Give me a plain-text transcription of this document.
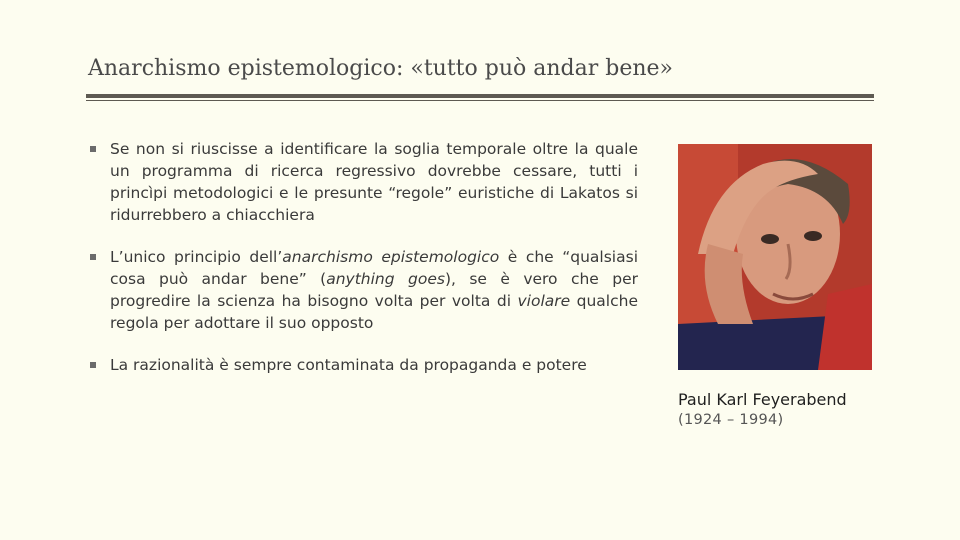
Anarchismo epistemologico: «tutto può andar bene»
Se non si riuscisse a identificare la soglia temporale oltre la quale un programma di ricerca regressivo dovrebbe cessare, tutti i princìpi metodologici e le presunte “regole” euristiche di Lakatos si ridurrebbero a chiacchiera
L’unico principio dell’anarchismo epistemologico è che “qualsiasi cosa può andar bene” (anything goes), se è vero che per progredire la scienza ha bisogno volta per volta di violare qualche regola per adottare il suo opposto
La razionalità è sempre contaminata da propaganda e potere
Paul Karl Feyerabend
(1924 – 1994)
